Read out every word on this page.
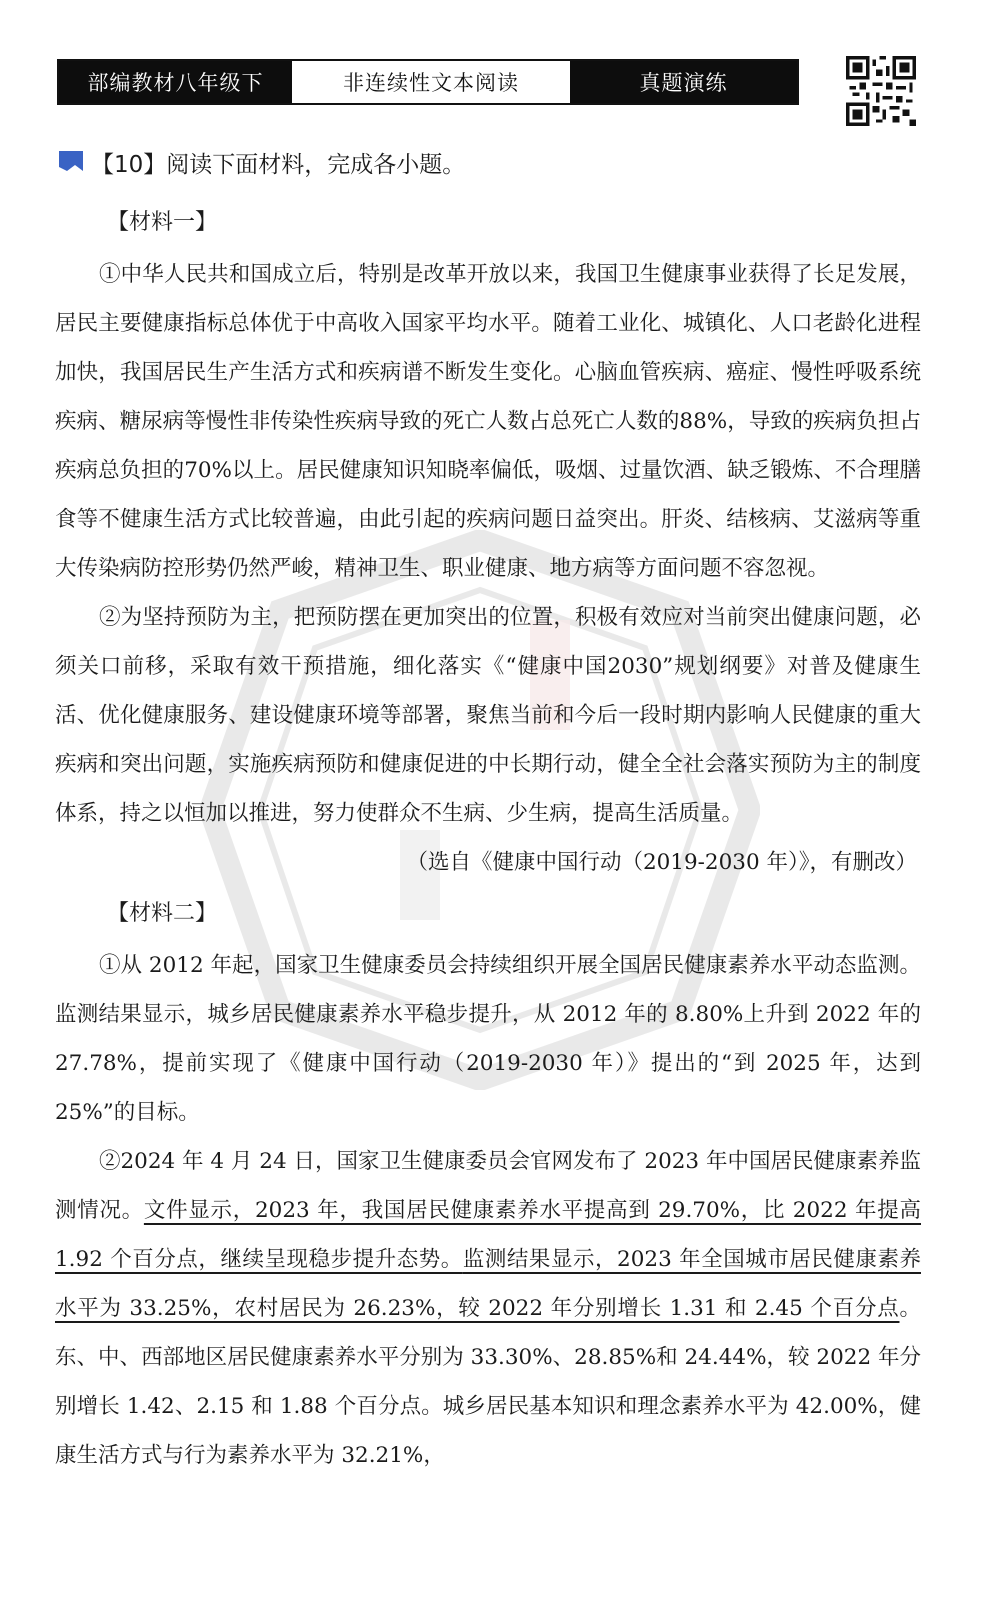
部编教材八年级下	非连续性文本阅读	真题演练
【10】阅读下面材料，完成各小题。
【材料一】

①中华人民共和国成立后，特别是改革开放以来，我国卫生健康事业获得了长足发展，居民主要健康指标总体优于中高收入国家平均水平。随着工业化、城镇化、人口老龄化进程加快，我国居民生产生活方式和疾病谱不断发生变化。心脑血管疾病、癌症、慢性呼吸系统疾病、糖尿病等慢性非传染性疾病导致的死亡人数占总死亡人数的88%，导致的疾病负担占疾病总负担的70%以上。居民健康知识知晓率偏低，吸烟、过量饮酒、缺乏锻炼、不合理膳食等不健康生活方式比较普遍，由此引起的疾病问题日益突出。肝炎、结核病、艾滋病等重大传染病防控形势仍然严峻，精神卫生、职业健康、地方病等方面问题不容忽视。

②为坚持预防为主，把预防摆在更加突出的位置，积极有效应对当前突出健康问题，必须关口前移，采取有效干预措施，细化落实《“健康中国2030”规划纲要》对普及健康生活、优化健康服务、建设健康环境等部署，聚焦当前和今后一段时期内影响人民健康的重大疾病和突出问题，实施疾病预防和健康促进的中长期行动，健全全社会落实预防为主的制度体系，持之以恒加以推进，努力使群众不生病、少生病，提高生活质量。

（选自《健康中国行动（2019-2030 年）》，有删改）

【材料二】

①从 2012 年起，国家卫生健康委员会持续组织开展全国居民健康素养水平动态监测。监测结果显示，城乡居民健康素养水平稳步提升，从 2012 年的 8.80%上升到 2022 年的 27.78%，提前实现了《健康中国行动（2019-2030 年）》提出的“到 2025 年，达到 25%”的目标。

②2024 年 4 月 24 日，国家卫生健康委员会官网发布了 2023 年中国居民健康素养监测情况。文件显示，2023 年，我国居民健康素养水平提高到 29.70%，比 2022 年提高 1.92 个百分点，继续呈现稳步提升态势。监测结果显示，2023 年全国城市居民健康素养水平为 33.25%，农村居民为 26.23%，较 2022 年分别增长 1.31 和 2.45 个百分点。东、中、西部地区居民健康素养水平分别为 33.30%、28.85%和 24.44%，较 2022 年分别增长 1.42、2.15 和 1.88 个百分点。城乡居民基本知识和理念素养水平为 42.00%，健康生活方式与行为素养水平为 32.21%，
